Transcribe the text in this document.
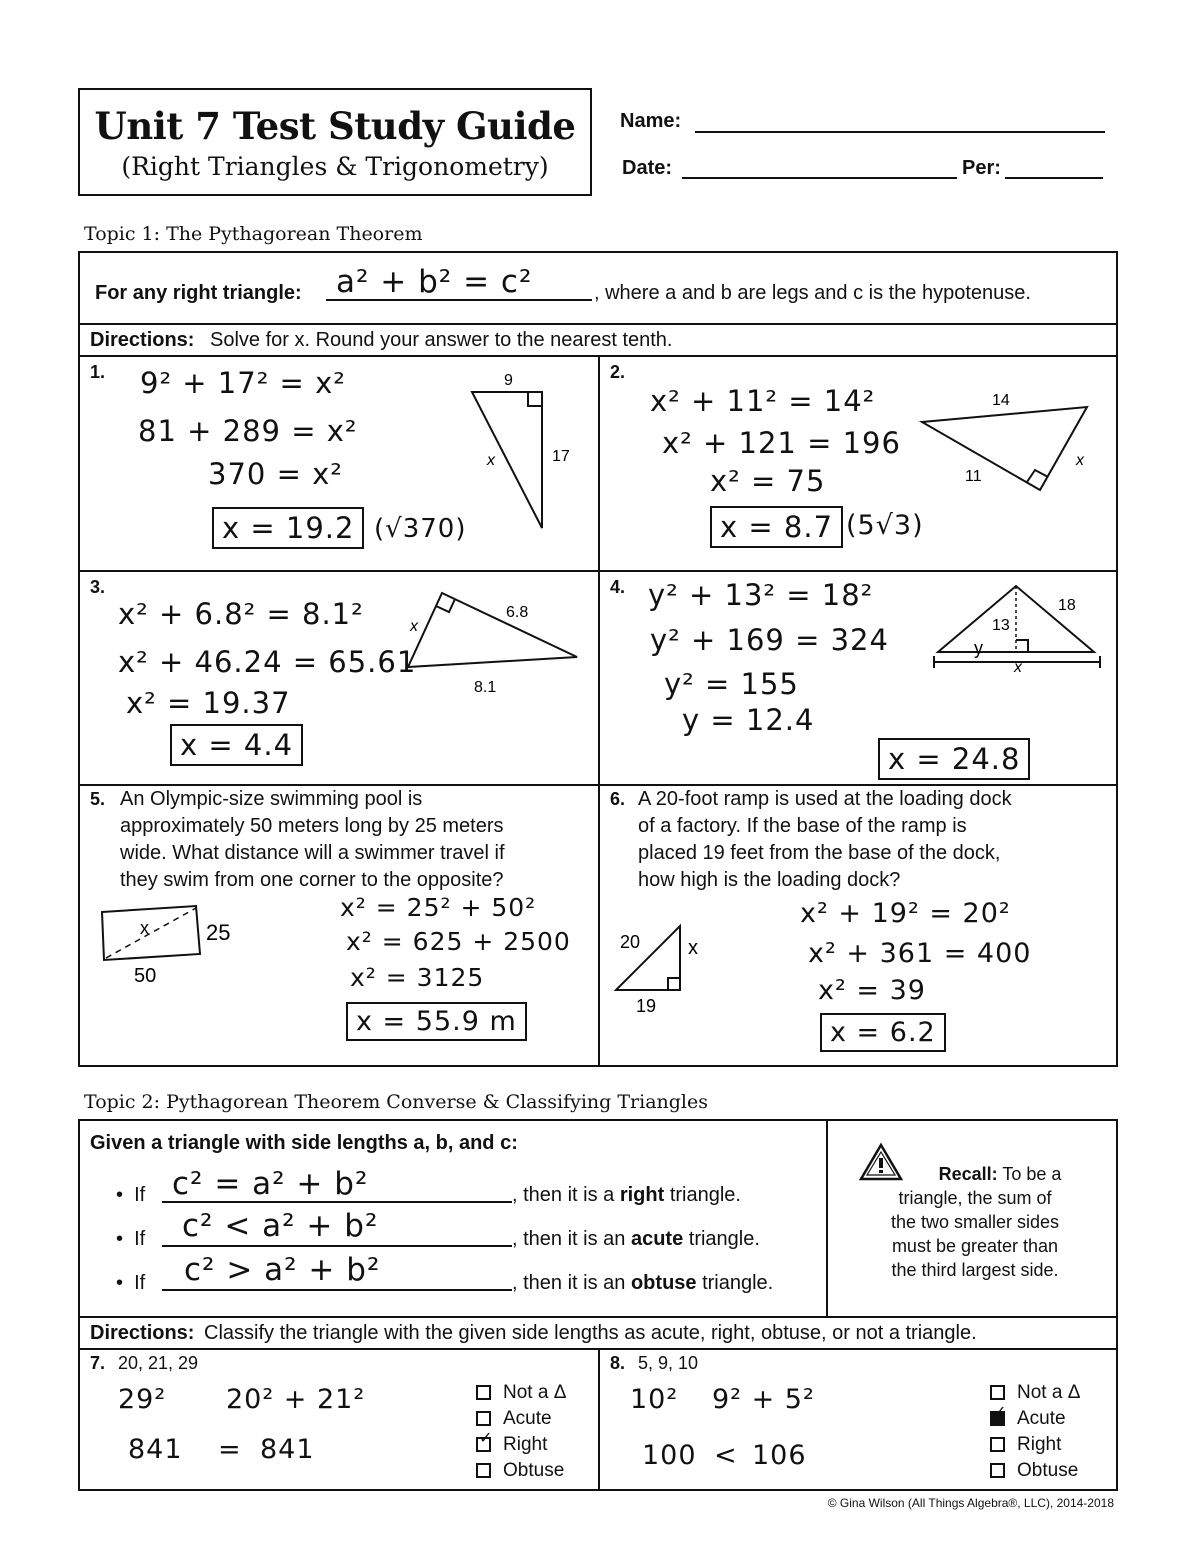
Unit 7 Test Study Guide
(Right Triangles & Trigonometry)
Name:
Date:	Per:
Topic 1: The Pythagorean Theorem
For any right triangle: a² + b² = c²	, where a and b are legs and c is the hypotenuse.
Directions: Solve for x. Round your answer to the nearest tenth.
1. 9² + 17² = x²
81 + 289 = x²
370 = x²
x = 19.2 (√370)
9
17
x
2.
x² + 11² = 14²
x² + 121 = 196
x² = 75
x = 8.7 (5√3)
14
11
x
3.
x² + 6.8² = 8.1²
x² + 46.24 = 65.61
x² = 19.37
x = 4.4
x
6.8
8.1
4. y² + 13² = 18²
y² + 169 = 324
y² = 155
y = 12.4
x = 24.8
13
18
y
x
5. An Olympic-size swimming pool is
approximately 50 meters long by 25 meters
wide. What distance will a swimmer travel if
they swim from one corner to the opposite?
x	25
50
x² = 25² + 50²
x² = 625 + 2500
x² = 3125
x = 55.9 m
6. A 20-foot ramp is used at the loading dock
of a factory. If the base of the ramp is
placed 19 feet from the base of the dock,
how high is the loading dock?
20 x
19
x² + 19² = 20²
x² + 361 = 400
x² = 39
x = 6.2
Topic 2: Pythagorean Theorem Converse & Classifying Triangles
Given a triangle with side lengths a, b, and c:
•  If c² = a² + b²	, then it is a right triangle.
•  If c² < a² + b²	, then it is an acute triangle.
•  If c² > a² + b²	, then it is an obtuse triangle.
Recall: To be a
triangle, the sum of
the two smaller sides
must be greater than
the third largest side.
Directions: Classify the triangle with the given side lengths as acute, right, obtuse, or not a triangle.
7. 20, 21, 29
29² 20² + 21²
841 = 841
Not a Δ
Acute
✓ Right
Obtuse
8. 5, 9, 10
10² 9² + 5²
100 < 106
Not a Δ
✓ Acute
Right
Obtuse
© Gina Wilson (All Things Algebra®, LLC), 2014-2018
